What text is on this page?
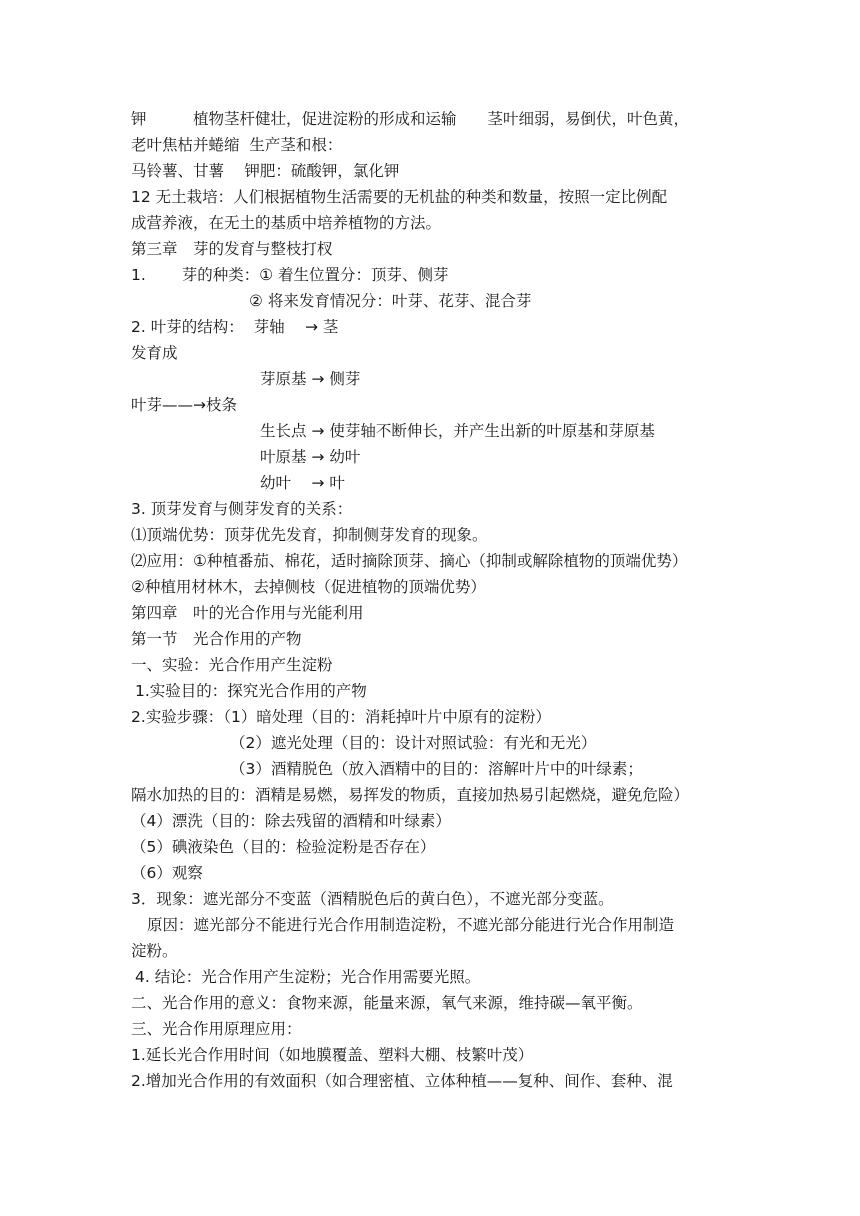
钾　　　植物茎杆健壮，促进淀粉的形成和运输　　茎叶细弱，易倒伏，叶色黄，
老叶焦枯并蜷缩  生产茎和根：
马铃薯、甘薯　 钾肥：硫酸钾，氯化钾
12 无土栽培：人们根据植物生活需要的无机盐的种类和数量，按照一定比例配
成营养液，在无土的基质中培养植物的方法。
第三章　芽的发育与整枝打杈
1.　　 芽的种类：① 着生位置分：顶芽、侧芽
② 将来发育情况分：叶芽、花芽、混合芽
2. 叶芽的结构：  芽轴　 → 茎
发育成
芽原基 → 侧芽
叶芽——→枝条
生长点 → 使芽轴不断伸长，并产生出新的叶原基和芽原基
叶原基 → 幼叶
幼叶　 → 叶
3. 顶芽发育与侧芽发育的关系：
⑴顶端优势：顶芽优先发育，抑制侧芽发育的现象。
⑵应用：①种植番茄、棉花，适时摘除顶芽、摘心（抑制或解除植物的顶端优势）
②种植用材林木，去掉侧枝（促进植物的顶端优势）
第四章　叶的光合作用与光能利用
第一节　光合作用的产物
一、实验：光合作用产生淀粉
1.实验目的：探究光合作用的产物
2.实验步骤：（1）暗处理（目的：消耗掉叶片中原有的淀粉）
（2）遮光处理（目的：设计对照试验：有光和无光）
（3）酒精脱色（放入酒精中的目的：溶解叶片中的叶绿素；
隔水加热的目的：酒精是易燃，易挥发的物质，直接加热易引起燃烧，避免危险）
（4）漂洗（目的：除去残留的酒精和叶绿素）
（5）碘液染色（目的：检验淀粉是否存在）
（6）观察
3．现象：遮光部分不变蓝（酒精脱色后的黄白色），不遮光部分变蓝。
原因：遮光部分不能进行光合作用制造淀粉，不遮光部分能进行光合作用制造
淀粉。
4. 结论：光合作用产生淀粉；光合作用需要光照。
二、光合作用的意义：食物来源，能量来源，氧气来源，维持碳—氧平衡。
三、光合作用原理应用：
1.延长光合作用时间（如地膜覆盖、塑料大棚、枝繁叶茂）
2.增加光合作用的有效面积（如合理密植、立体种植——复种、间作、套种、混
